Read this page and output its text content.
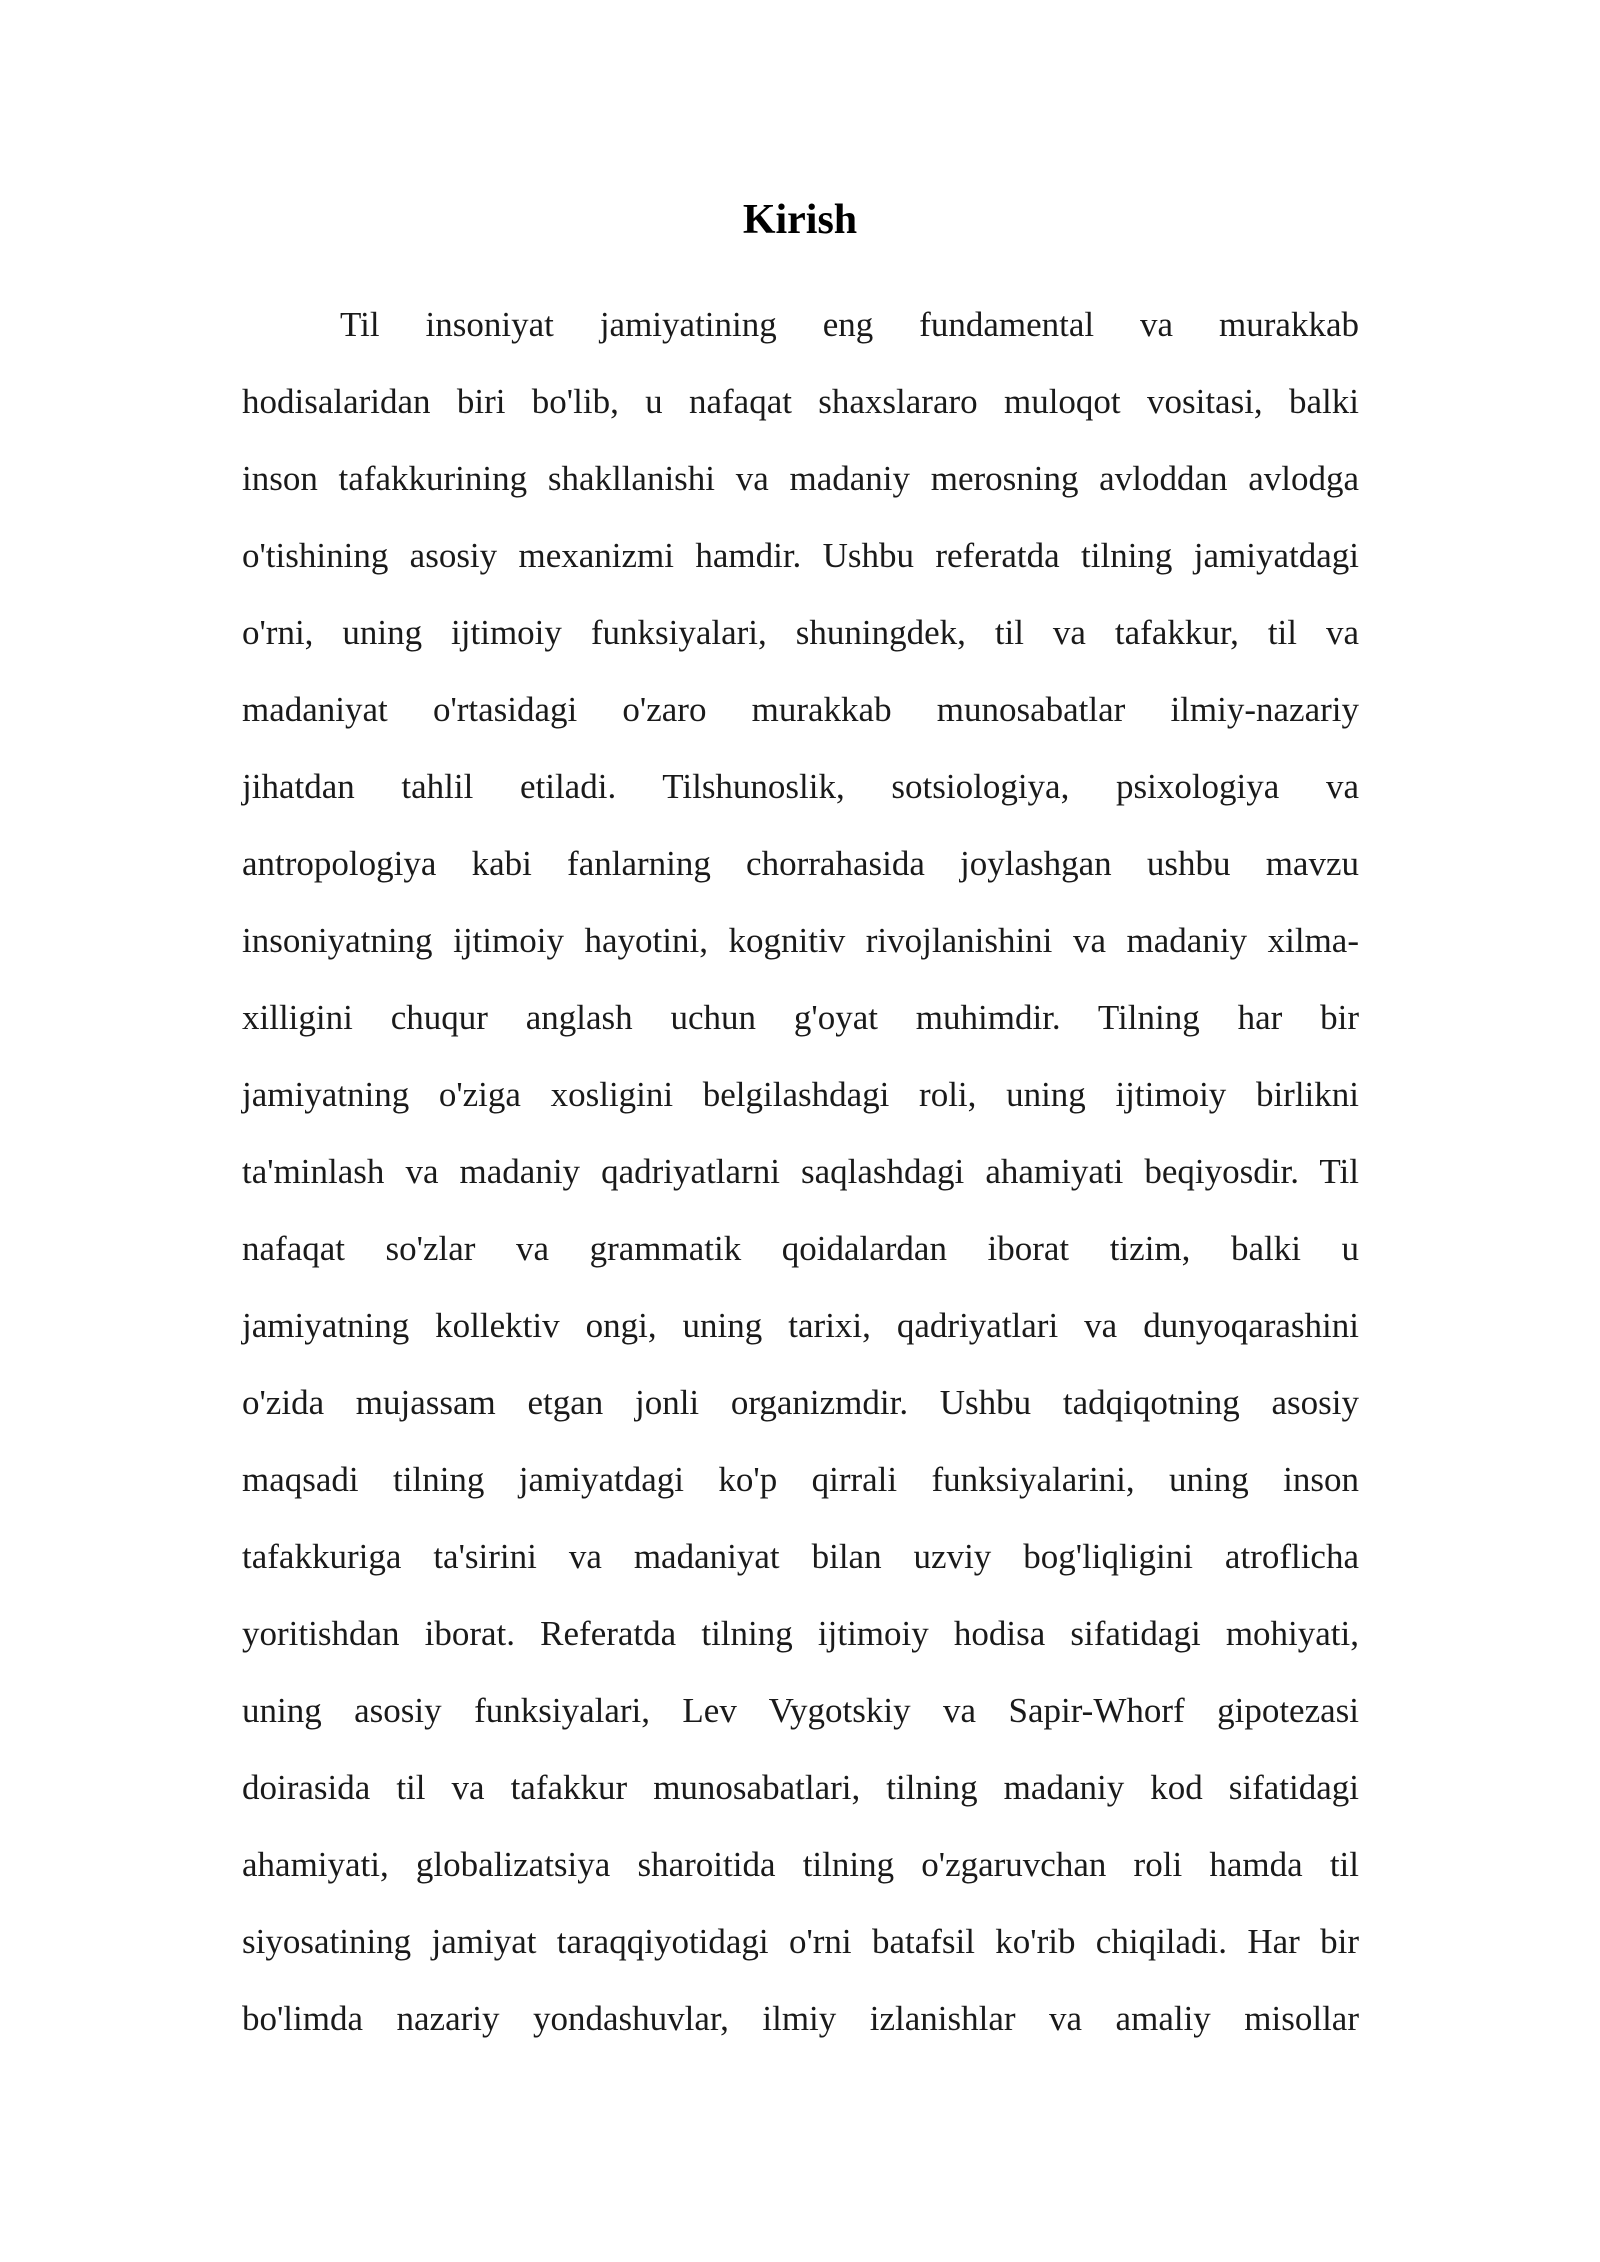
Kirish
Til insoniyat jamiyatining eng fundamental va murakkab
hodisalaridan biri bo'lib, u nafaqat shaxslararo muloqot vositasi, balki
inson tafakkurining shakllanishi va madaniy merosning avloddan avlodga
o'tishining asosiy mexanizmi hamdir. Ushbu referatda tilning jamiyatdagi
o'rni, uning ijtimoiy funksiyalari, shuningdek, til va tafakkur, til va
madaniyat o'rtasidagi o'zaro murakkab munosabatlar ilmiy-nazariy
jihatdan tahlil etiladi. Tilshunoslik, sotsiologiya, psixologiya va
antropologiya kabi fanlarning chorrahasida joylashgan ushbu mavzu
insoniyatning ijtimoiy hayotini, kognitiv rivojlanishini va madaniy xilma-
xilligini chuqur anglash uchun g'oyat muhimdir. Tilning har bir
jamiyatning o'ziga xosligini belgilashdagi roli, uning ijtimoiy birlikni
ta'minlash va madaniy qadriyatlarni saqlashdagi ahamiyati beqiyosdir. Til
nafaqat so'zlar va grammatik qoidalardan iborat tizim, balki u
jamiyatning kollektiv ongi, uning tarixi, qadriyatlari va dunyoqarashini
o'zida mujassam etgan jonli organizmdir. Ushbu tadqiqotning asosiy
maqsadi tilning jamiyatdagi ko'p qirrali funksiyalarini, uning inson
tafakkuriga ta'sirini va madaniyat bilan uzviy bog'liqligini atroflicha
yoritishdan iborat. Referatda tilning ijtimoiy hodisa sifatidagi mohiyati,
uning asosiy funksiyalari, Lev Vygotskiy va Sapir-Whorf gipotezasi
doirasida til va tafakkur munosabatlari, tilning madaniy kod sifatidagi
ahamiyati, globalizatsiya sharoitida tilning o'zgaruvchan roli hamda til
siyosatining jamiyat taraqqiyotidagi o'rni batafsil ko'rib chiqiladi. Har bir
bo'limda nazariy yondashuvlar, ilmiy izlanishlar va amaliy misollar
